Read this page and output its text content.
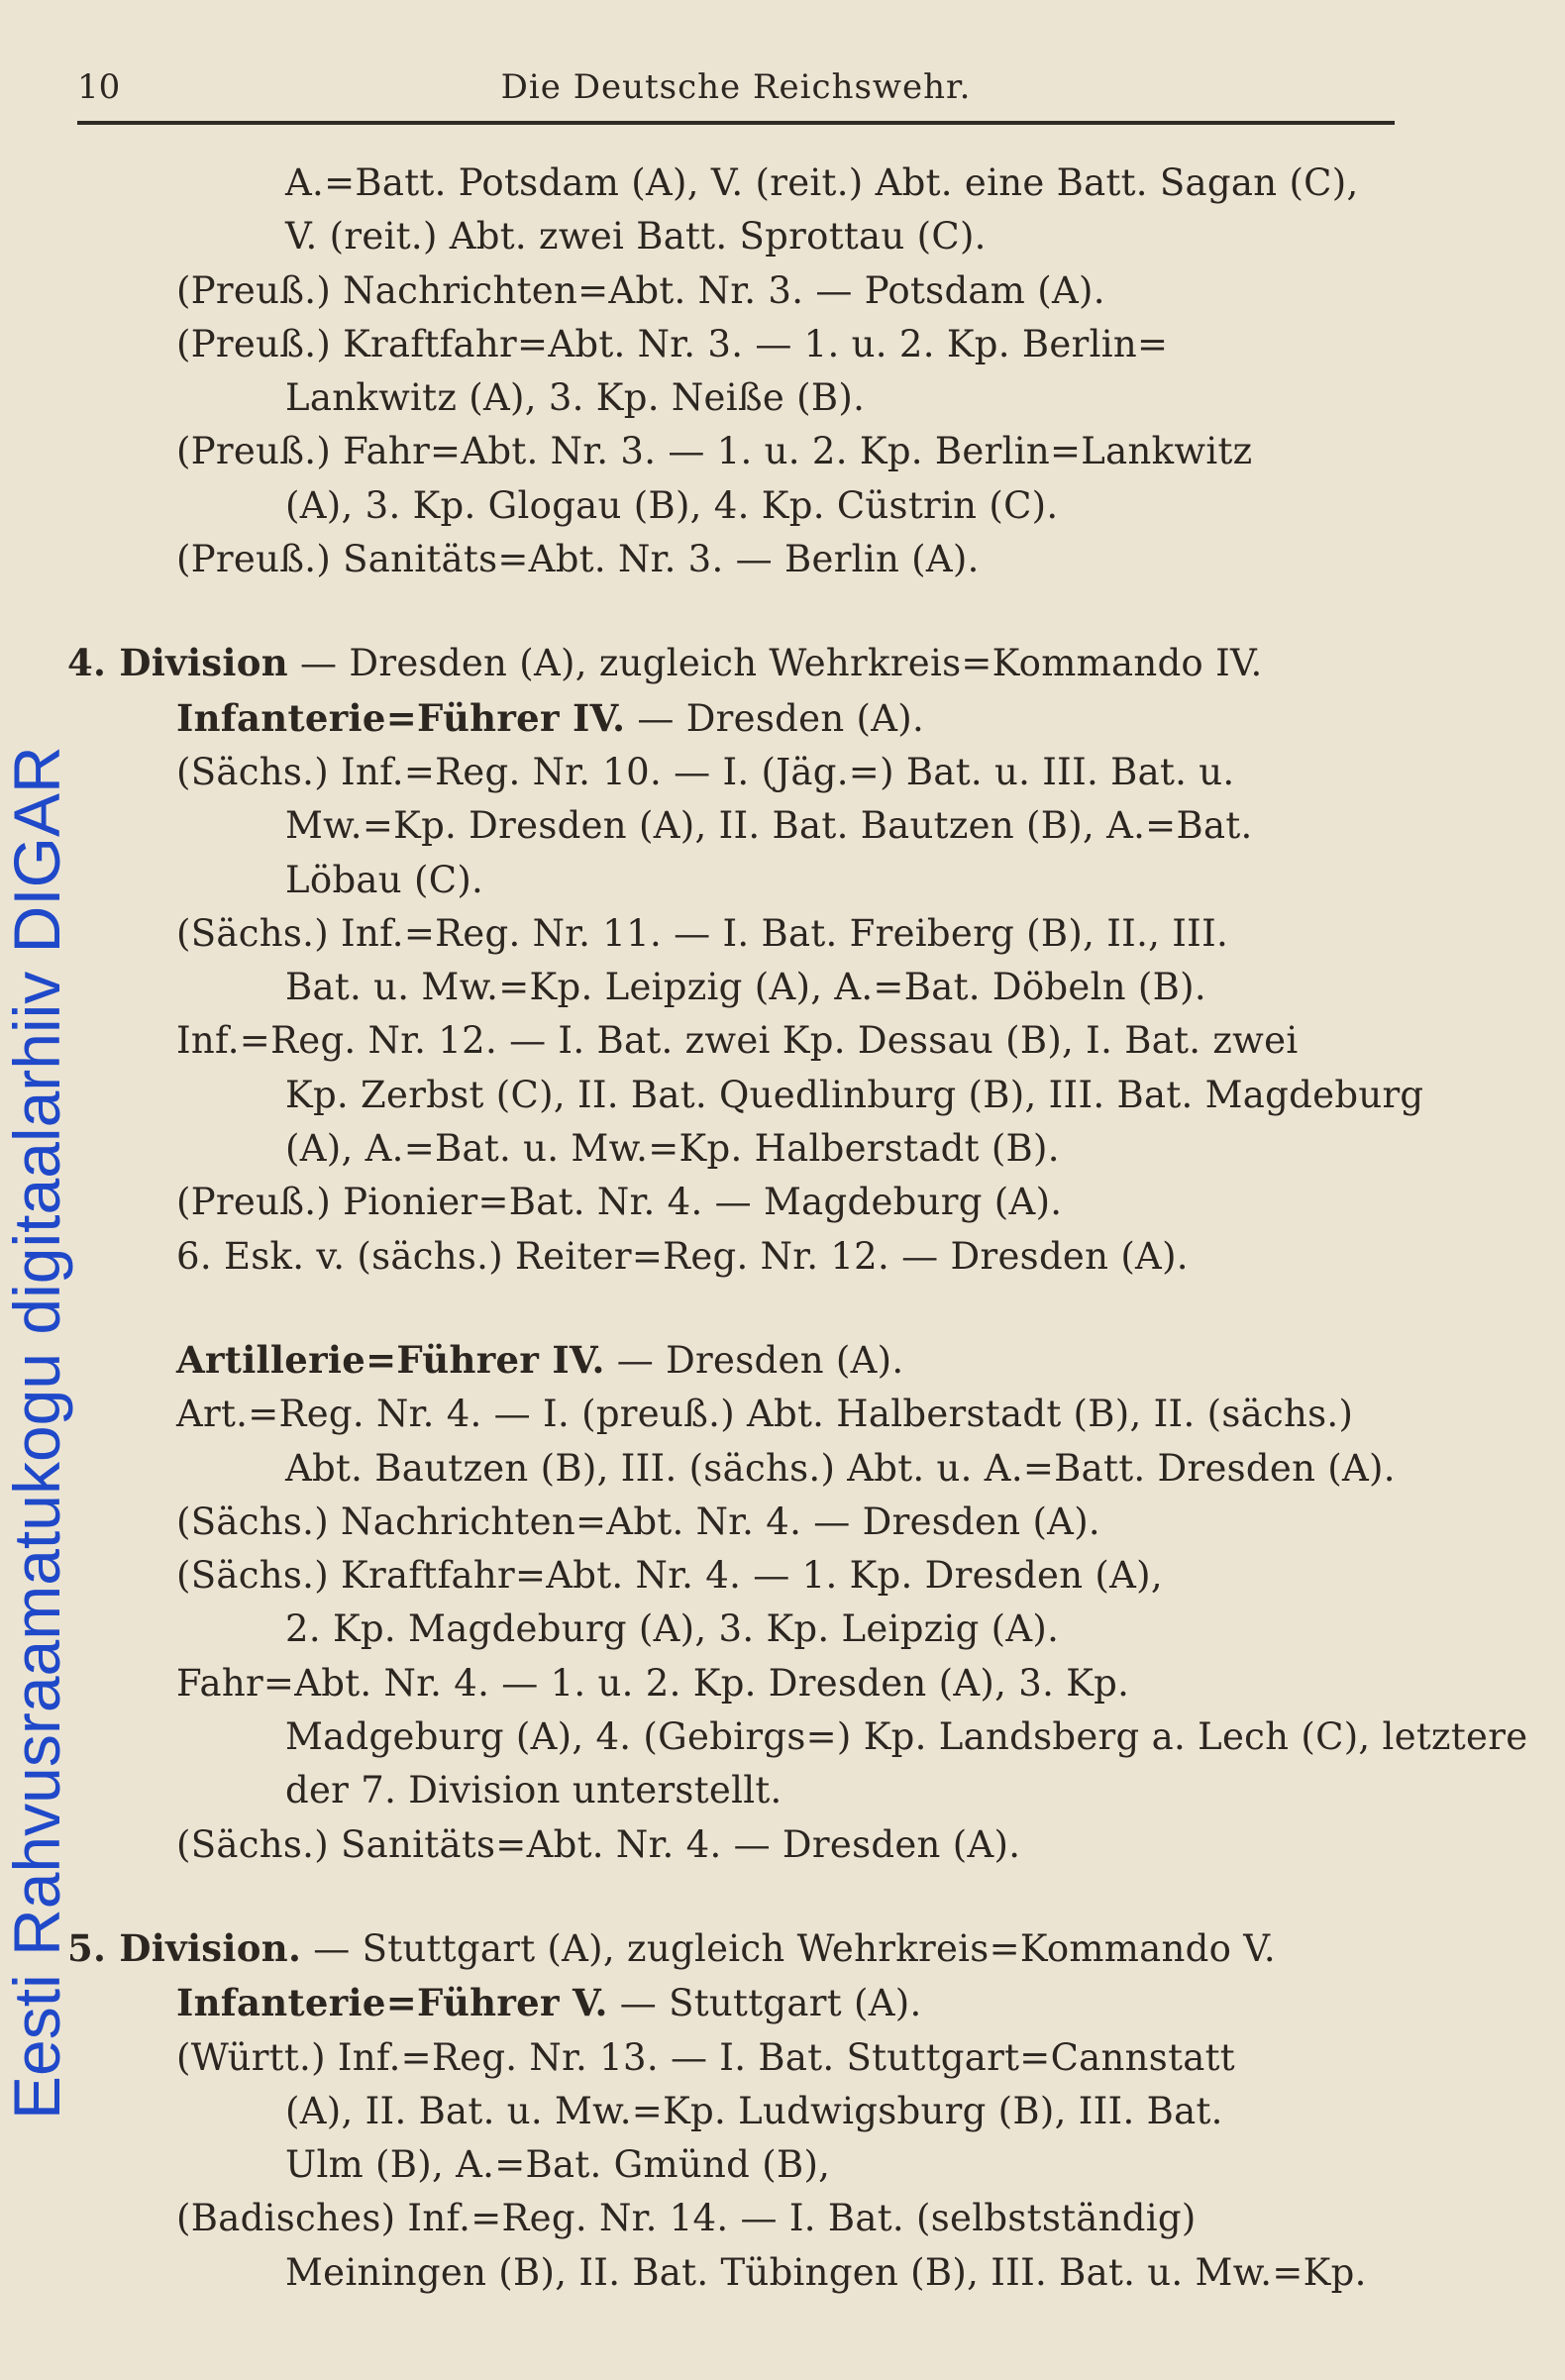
10	Die Deutsche Reichswehr.
Eesti Rahvusraamatukogu digitaalarhiiv DIGAR
A.=Batt. Potsdam (A), V. (reit.) Abt. eine Batt. Sagan (C),
V. (reit.) Abt. zwei Batt. Sprottau (C).
(Preuß.) Nachrichten=Abt. Nr. 3. — Potsdam (A).
(Preuß.) Kraftfahr=Abt. Nr. 3. — 1. u. 2. Kp. Berlin=
Lankwitz (A), 3. Kp. Neiße (B).
(Preuß.) Fahr=Abt. Nr. 3. — 1. u. 2. Kp. Berlin=Lankwitz
(A), 3. Kp. Glogau (B), 4. Kp. Cüstrin (C).
(Preuß.) Sanitäts=Abt. Nr. 3. — Berlin (A).
4. Division — Dresden (A), zugleich Wehrkreis=Kommando IV.
Infanterie=Führer IV. — Dresden (A).
(Sächs.) Inf.=Reg. Nr. 10. — I. (Jäg.=) Bat. u. III. Bat. u.
Mw.=Kp. Dresden (A), II. Bat. Bautzen (B), A.=Bat.
Löbau (C).
(Sächs.) Inf.=Reg. Nr. 11. — I. Bat. Freiberg (B), II., III.
Bat. u. Mw.=Kp. Leipzig (A), A.=Bat. Döbeln (B).
Inf.=Reg. Nr. 12. — I. Bat. zwei Kp. Dessau (B), I. Bat. zwei
Kp. Zerbst (C), II. Bat. Quedlinburg (B), III. Bat. Magdeburg
(A), A.=Bat. u. Mw.=Kp. Halberstadt (B).
(Preuß.) Pionier=Bat. Nr. 4. — Magdeburg (A).
6. Esk. v. (sächs.) Reiter=Reg. Nr. 12. — Dresden (A).
Artillerie=Führer IV. — Dresden (A).
Art.=Reg. Nr. 4. — I. (preuß.) Abt. Halberstadt (B), II. (sächs.)
Abt. Bautzen (B), III. (sächs.) Abt. u. A.=Batt. Dresden (A).
(Sächs.) Nachrichten=Abt. Nr. 4. — Dresden (A).
(Sächs.) Kraftfahr=Abt. Nr. 4. — 1. Kp. Dresden (A),
2. Kp. Magdeburg (A), 3. Kp. Leipzig (A).
Fahr=Abt. Nr. 4. — 1. u. 2. Kp. Dresden (A), 3. Kp.
Madgeburg (A), 4. (Gebirgs=) Kp. Landsberg a. Lech (C), letztere
der 7. Division unterstellt.
(Sächs.) Sanitäts=Abt. Nr. 4. — Dresden (A).
5. Division. — Stuttgart (A), zugleich Wehrkreis=Kommando V.
Infanterie=Führer V. — Stuttgart (A).
(Württ.) Inf.=Reg. Nr. 13. — I. Bat. Stuttgart=Cannstatt
(A), II. Bat. u. Mw.=Kp. Ludwigsburg (B), III. Bat.
Ulm (B), A.=Bat. Gmünd (B),
(Badisches) Inf.=Reg. Nr. 14. — I. Bat. (selbstständig)
Meiningen (B), II. Bat. Tübingen (B), III. Bat. u. Mw.=Kp.
